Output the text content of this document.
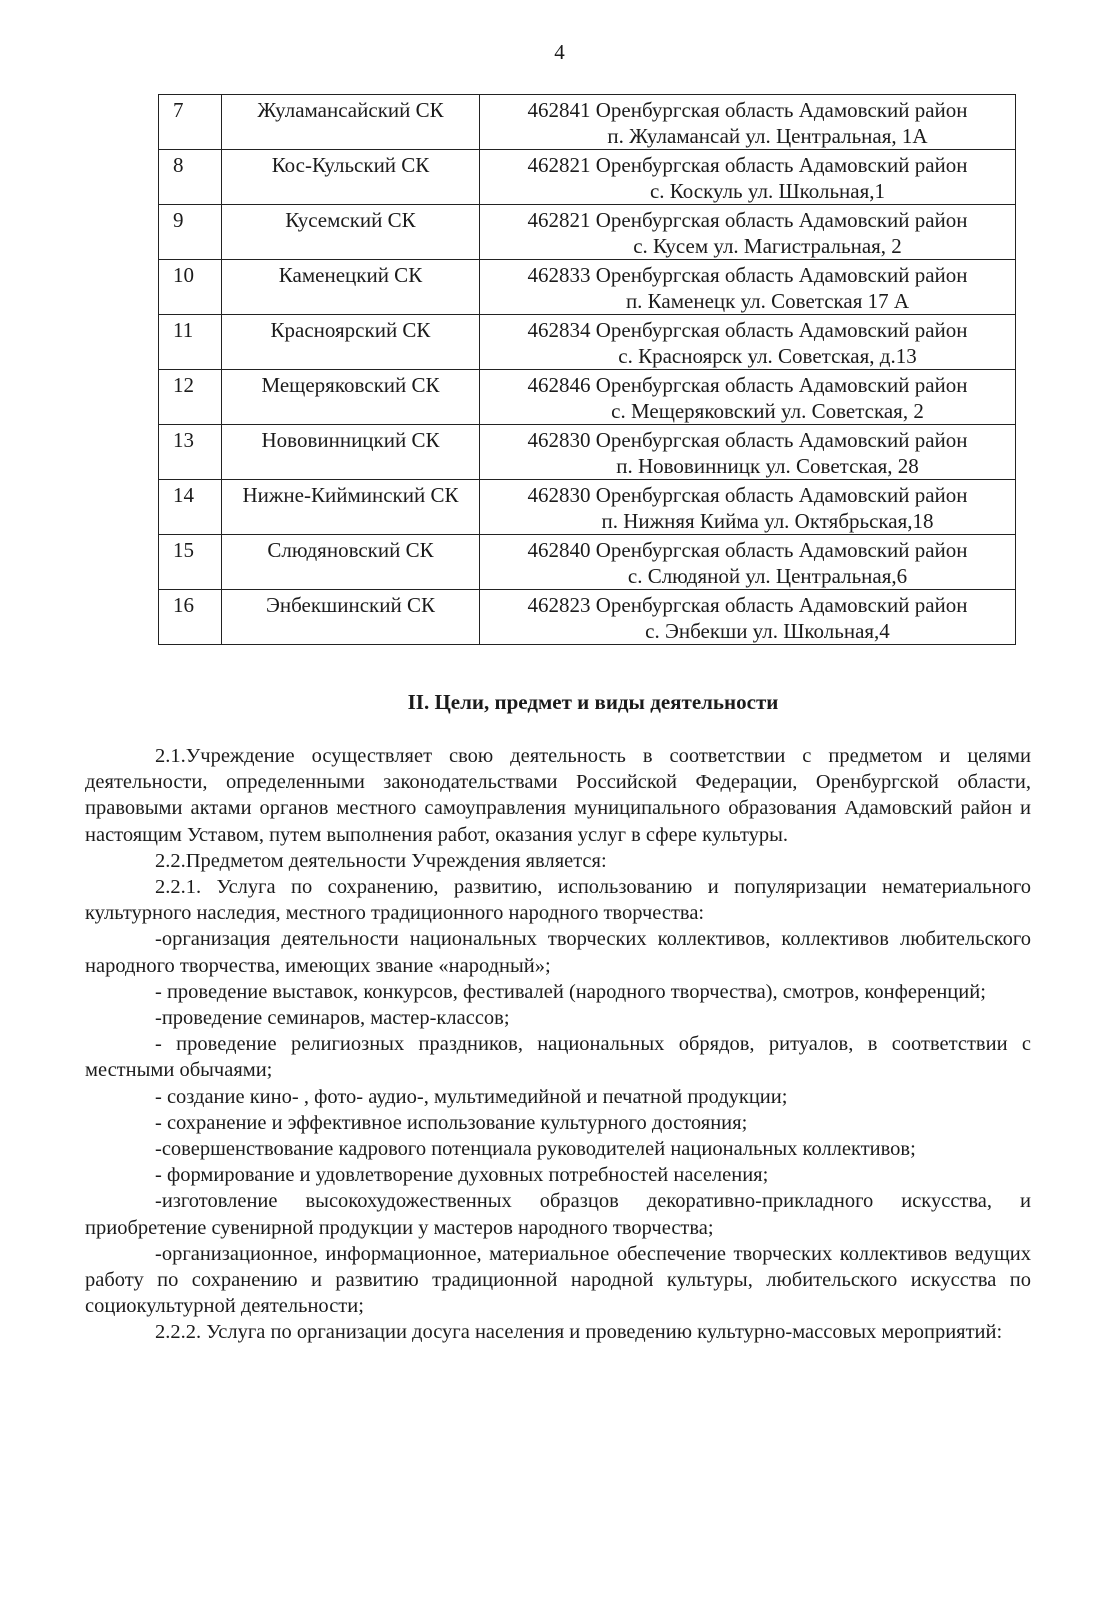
4
7	Жуламансайский СК	462841 Оренбургская область Адамовский район
п. Жуламансай ул. Центральная, 1А

8	Кос-Кульский СК	462821 Оренбургская область Адамовский район
с. Коскуль ул. Школьная,1

9	Кусемский СК	462821 Оренбургская область Адамовский район
с. Кусем ул. Магистральная, 2

10	Каменецкий СК	462833 Оренбургская область Адамовский район
п. Каменецк ул. Советская 17 А

11	Красноярский СК	462834 Оренбургская область Адамовский район
с. Красноярск ул. Советская, д.13

12	Мещеряковский СК	462846 Оренбургская область Адамовский район
с. Мещеряковский ул. Советская, 2

13	Нововинницкий СК	462830 Оренбургская область Адамовский район
п. Нововинницк ул. Советская, 28

14	Нижне-Кийминский СК	462830 Оренбургская область Адамовский район
п. Нижняя Кийма ул. Октябрьская,18

15	Слюдяновский СК	462840 Оренбургская область Адамовский район
с. Слюдяной ул. Центральная,6

16	Энбекшинский СК	462823 Оренбургская область Адамовский район
с. Энбекши ул. Школьная,4
II. Цели, предмет и виды деятельности

2.1.Учреждение осуществляет свою деятельность в соответствии с предметом и целями деятельности, определенными законодательствами Российской Федерации, Оренбургской области, правовыми актами органов местного самоуправления муниципального образования Адамовский район и настоящим Уставом, путем выполнения работ, оказания услуг в сфере культуры.

2.2.Предметом деятельности Учреждения является:

2.2.1. Услуга по сохранению, развитию, использованию и популяризации нематериального культурного наследия, местного традиционного народного творчества:

-организация деятельности национальных творческих коллективов, коллективов любительского народного творчества, имеющих звание «народный»;

- проведение выставок, конкурсов, фестивалей (народного творчества), смотров, конференций;

-проведение семинаров, мастер-классов;

- проведение религиозных праздников, национальных обрядов, ритуалов, в соответствии с местными обычаями;

- создание кино- , фото- аудио-, мультимедийной и печатной продукции;

- сохранение и эффективное использование культурного достояния;

-совершенствование кадрового потенциала руководителей национальных коллективов;

- формирование и удовлетворение духовных потребностей населения;

-изготовление высокохудожественных образцов декоративно-прикладного искусства, и приобретение сувенирной продукции у мастеров народного творчества;

-организационное, информационное, материальное обеспечение творческих коллективов ведущих работу по сохранению и развитию традиционной народной культуры, любительского искусства по социокультурной деятельности;

2.2.2. Услуга по организации досуга населения и проведению культурно-массовых мероприятий:
